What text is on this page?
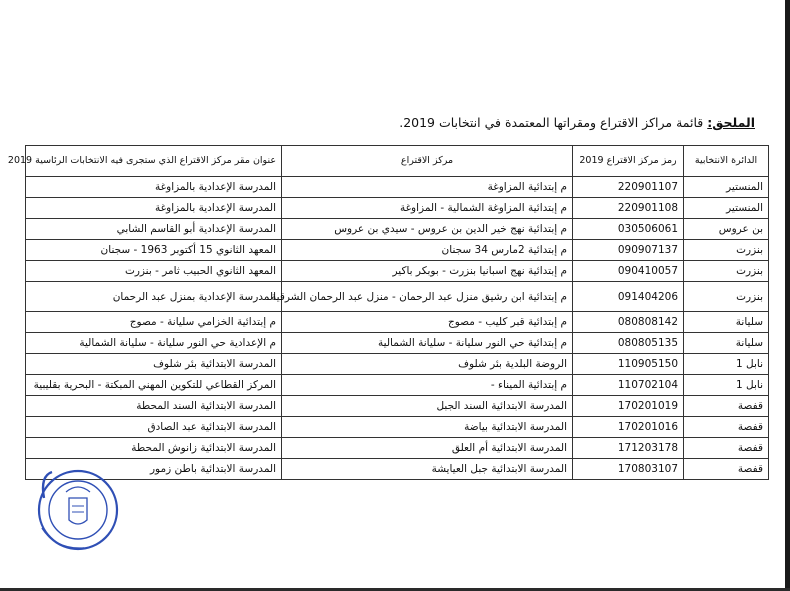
الملحق: قائمة مراكز الاقتراع ومقراتها المعتمدة في انتخابات 2019.
الدائرة الانتخابية	رمز مركز الاقتراع 2019	مركز الاقتراع	عنوان مقر مركز الاقتراع الذي ستجرى فيه الانتخابات الرئاسية 2019
المنستير	220901107	م إبتدائية المزاوغة	المدرسة الإعدادية بالمزاوغة
المنستير	220901108	م إبتدائية المزاوغة الشمالية - المزاوغة	المدرسة الإعدادية بالمزاوغة
بن عروس	030506061	م إبتدائية نهج خير الدين بن عروس - سيدي بن عروس	المدرسة الإعدادية أبو القاسم الشابي
بنزرت	090907137	م إبتدائية 2مارس 34 سجنان	المعهد الثانوي 15 أكتوبر 1963 - سجنان
بنزرت	090410057	م إبتدائية نهج اسبانيا بنزرت - بوبكر باكير	المعهد الثانوي الحبيب ثامر - بنزرت
بنزرت	091404206	م إبتدائية ابن رشيق منزل عبد الرحمان - منزل عبد الرحمان الشرقية	المدرسة الإعدادية بمنزل عبد الرحمان
سليانة	080808142	م إبتدائية قبر كليب - مصوج	م إبتدائية الخزامي سليانة - مصوج
سليانة	080805135	م إبتدائية حي النور سليانة - سليانة الشمالية	م الإعدادية حي النور سليانة - سليانة الشمالية
نابل 1	110905150	الروضة البلدية بئر شلوف	المدرسة الابتدائية بئر شلوف
نابل 1	110702104	م إبتدائية الميناء -	المركز القطاعي للتكوين المهني المبكتة - البحرية بقليبية
قفصة	170201019	المدرسة الابتدائية السند الجبل	المدرسة الابتدائية السند المحطة
قفصة	170201016	المدرسة الابتدائية بياضة	المدرسة الابتدائية عبد الصادق
قفصة	171203178	المدرسة الابتدائية أم العلق	المدرسة الابتدائية زانوش المحطة
قفصة	170803107	المدرسة الابتدائية جبل العيايشة	المدرسة الابتدائية باطن زمور
